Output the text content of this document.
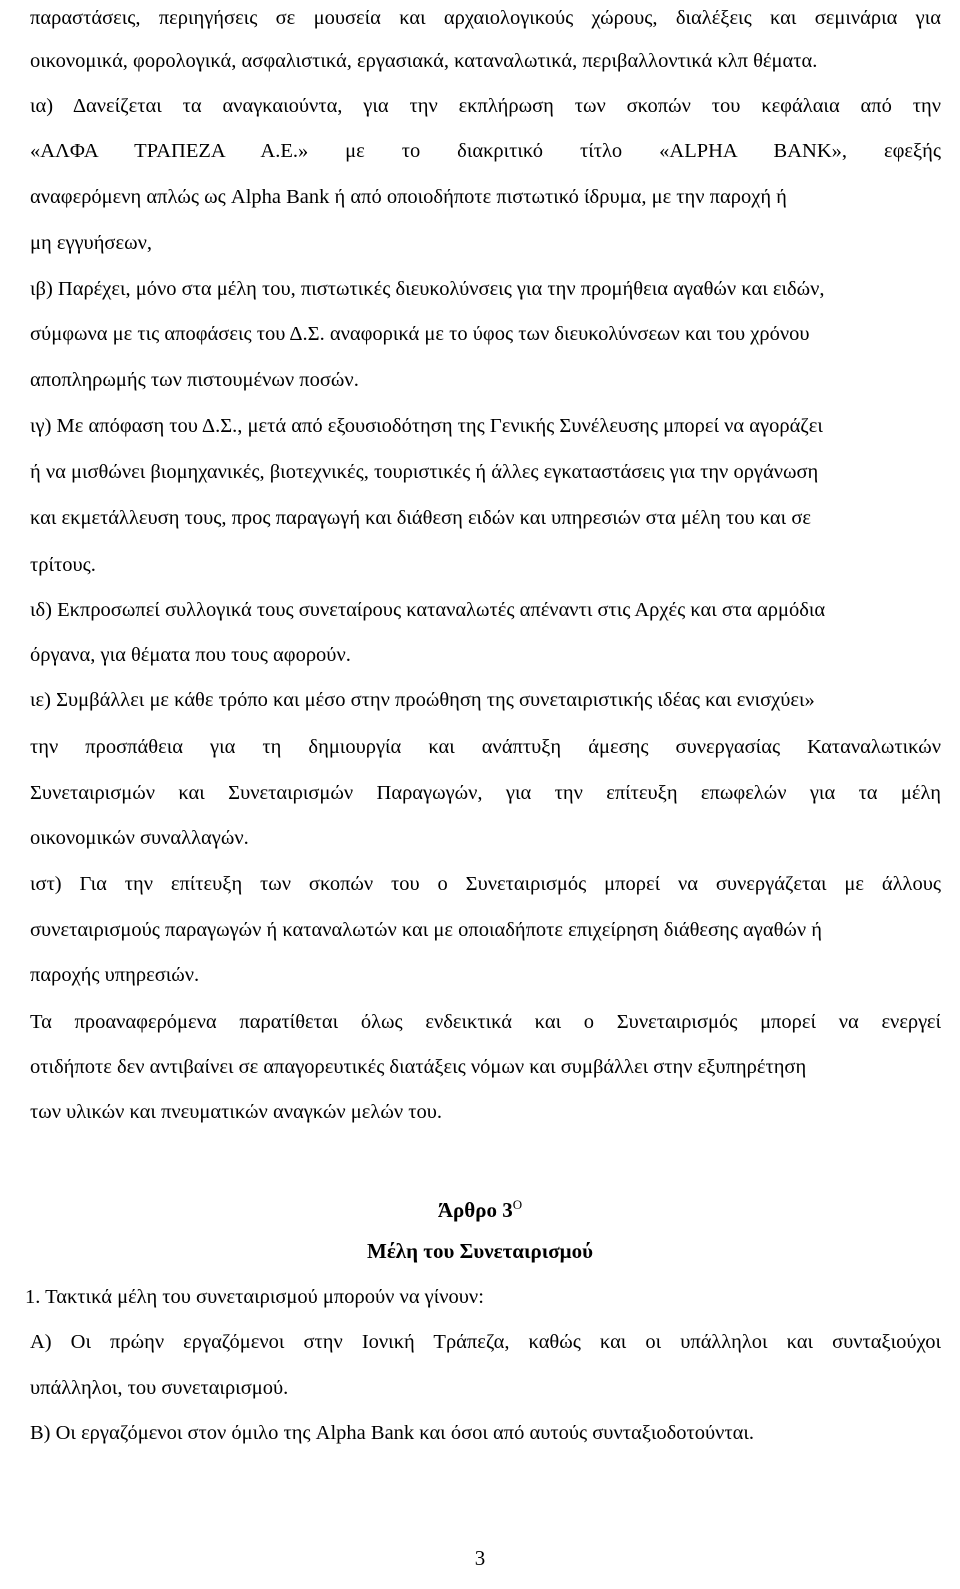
παραστάσεις, περιηγήσεις σε μουσεία και αρχαιολογικούς χώρους, διαλέξεις και σεμινάρια για
οικονομικά, φορολογικά, ασφαλιστικά, εργασιακά, καταναλωτικά, περιβαλλοντικά κλπ θέματα.
ια) Δανείζεται τα αναγκαιούντα, για την εκπλήρωση των σκοπών του κεφάλαια από την
«ΑΛΦΑ ΤΡΑΠΕΖΑ Α.Ε.» με το διακριτικό τίτλο «ALPHA BANK», εφεξής
αναφερόμενη απλώς ως Alpha Bank ή από οποιοδήποτε πιστωτικό ίδρυμα, με την παροχή ή
μη εγγυήσεων,
ιβ) Παρέχει, μόνο στα μέλη του, πιστωτικές διευκολύνσεις για την προμήθεια αγαθών και ειδών,
σύμφωνα με τις αποφάσεις του Δ.Σ. αναφορικά με το ύφος των διευκολύνσεων και του χρόνου
αποπληρωμής των πιστουμένων ποσών.
ιγ) Με απόφαση του Δ.Σ., μετά από εξουσιοδότηση της Γενικής Συνέλευσης μπορεί να αγοράζει
ή να μισθώνει βιομηχανικές, βιοτεχνικές, τουριστικές ή άλλες εγκαταστάσεις για την οργάνωση
και εκμετάλλευση τους, προς παραγωγή και διάθεση ειδών και υπηρεσιών στα μέλη του και σε
τρίτους.
ιδ) Εκπροσωπεί συλλογικά τους συνεταίρους καταναλωτές απέναντι στις Αρχές και στα αρμόδια
όργανα, για θέματα που τους αφορούν.
ιε) Συμβάλλει με κάθε τρόπο και μέσο στην προώθηση της συνεταιριστικής ιδέας και ενισχύει»
την προσπάθεια για τη δημιουργία και ανάπτυξη άμεσης συνεργασίας Καταναλωτικών
Συνεταιρισμών και Συνεταιρισμών Παραγωγών, για την επίτευξη επωφελών για τα μέλη
οικονομικών συναλλαγών.
ιστ) Για την επίτευξη των σκοπών του ο Συνεταιρισμός μπορεί να συνεργάζεται με άλλους
συνεταιρισμούς παραγωγών ή καταναλωτών και με οποιαδήποτε επιχείρηση διάθεσης αγαθών ή
παροχής υπηρεσιών.
Τα προαναφερόμενα παρατίθεται όλως ενδεικτικά και ο Συνεταιρισμός μπορεί να ενεργεί
οτιδήποτε δεν αντιβαίνει σε απαγορευτικές διατάξεις νόμων και συμβάλλει στην εξυπηρέτηση
των υλικών και πνευματικών αναγκών μελών του.
Άρθρο $3^O$
Μέλη του Συνεταιρισμού
1. Τακτικά μέλη του συνεταιρισμού μπορούν να γίνουν:
Α) Οι πρώην εργαζόμενοι στην Ιονική Τράπεζα, καθώς και οι υπάλληλοι και συνταξιούχοι
υπάλληλοι, του συνεταιρισμού.
Β) Οι εργαζόμενοι στον όμιλο της Alpha Bank και όσοι από αυτούς συνταξιοδοτούνται.
3
